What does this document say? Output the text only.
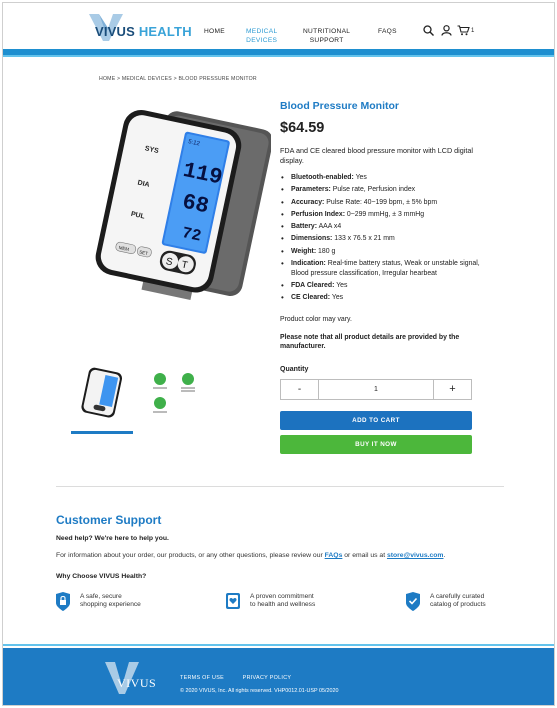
VIVUS HEALTH HOME	MEDICAL
DEVICES
NUTRITIONAL
SUPPORT
FAQS	1
HOME > MEDICAL DEVICES > BLOOD PRESSURE MONITOR
5:12
119
68
72
SYS
DIA
PUL
MEM
SET
S T
Blood Pressure Monitor
$64.59
FDA and CE cleared blood pressure monitor with LCD digital display.
• Bluetooth-enabled: Yes
• Parameters: Pulse rate, Perfusion index
• Accuracy: Pulse Rate: 40~199 bpm, ± 5% bpm
• Perfusion Index: 0~299 mmHg, ± 3 mmHg
• Battery: AAA x4
• Dimensions: 133 x 76.5 x 21 mm
• Weight: 180 g
• Indication: Real-time battery status, Weak or unstable signal, Blood pressure classification, Irregular hearbeat
• FDA Cleared: Yes
• CE Cleared: Yes
Product color may vary.
Please note that all product details are provided by the manufacturer.
Quantity
-	1	+
ADD TO CART
BUY IT NOW
Customer Support
Need help? We're here to help you.
For information about your order, our products, or any other questions, please review our FAQs or email us at store@vivus.com.
Why Choose VIVUS Health?
A safe, secure
shopping experience
A proven commitment
to health and wellness
A carefully curated
catalog of products
VIVUS	TERMS OF USE	PRIVACY POLICY
© 2020 VIVUS, Inc. All rights reserved. VHP0012.01-USP 05/2020
